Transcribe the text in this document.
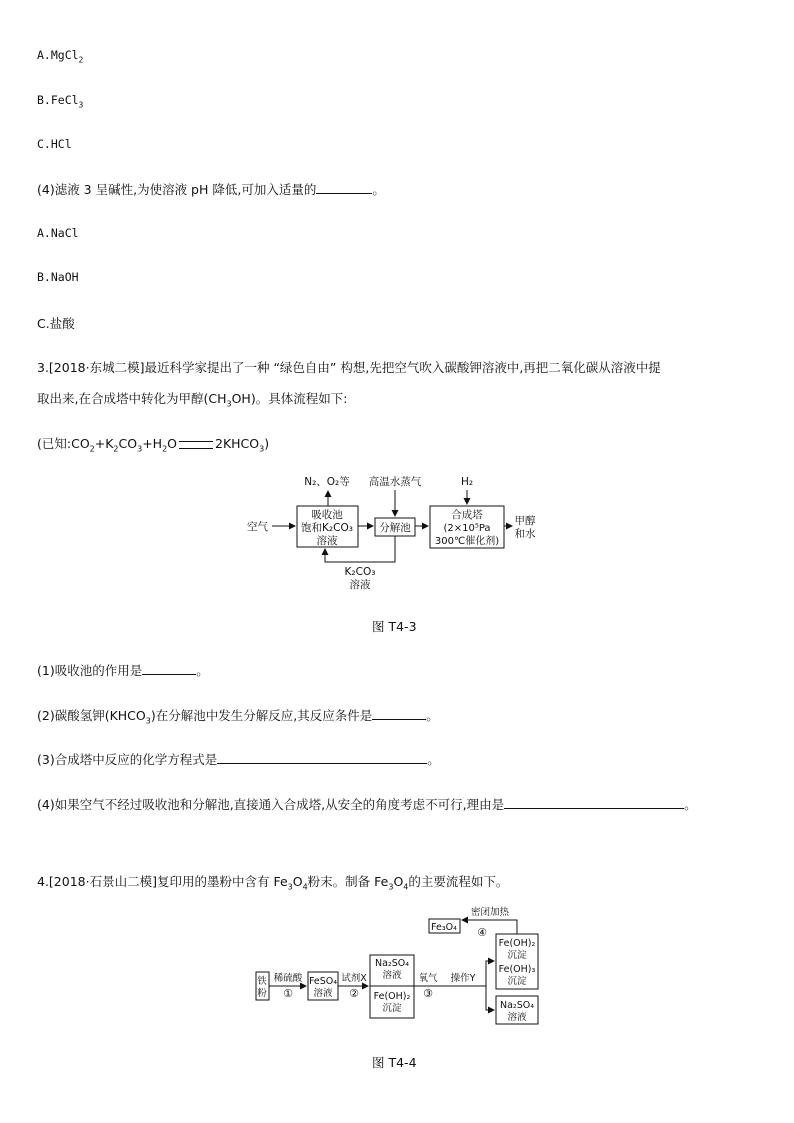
A.MgCl$_2$
B.FeCl$_3$
C.HCl
(4)滤液 3 呈碱性,为使溶液 pH 降低,可加入适量的	。
A.NaCl
B.NaOH
C.盐酸
3.[2018·东城二模]最近科学家提出了一种 “绿色自由” 构想,先把空气吹入碳酸钾溶液中,再把二氧化碳从溶液中提
取出来,在合成塔中转化为甲醇$(CH_3OH)$。具体流程如下:
(已知$:CO_2+K_2CO_3+H_2O$	$2KHCO_3$)
N₂、O₂等 高温水蒸气	H₂
空气
吸收池
饱和K₂CO₃
溶液
分解池
合成塔
(2×10⁵Pa
300℃催化剂)
甲醇
和水
K₂CO₃
溶液
铁
粉
稀硫酸
①
FeSO₄
溶液
试剂X
②
Na₂SO₄
溶液
Fe(OH)₂
沉淀
氧气
③
操作Y
密闭加热
④
Fe₃O₄
Fe(OH)₂
沉淀
Fe(OH)₃
沉淀
Na₂SO₄
溶液
图 T4-3
(1)吸收池的作用是	。
(2)碳酸氢钾$(KHCO_3)$在分解池中发生分解反应,其反应条件是	。
(3)合成塔中反应的化学方程式是	。
(4)如果空气不经过吸收池和分解池,直接通入合成塔,从安全的角度考虑不可行,理由是	。
4.[2018·石景山二模]复印用的墨粉中含有 $Fe_3O_4$粉末。制备 $Fe_3O_4$的主要流程如下。
图 T4-4
